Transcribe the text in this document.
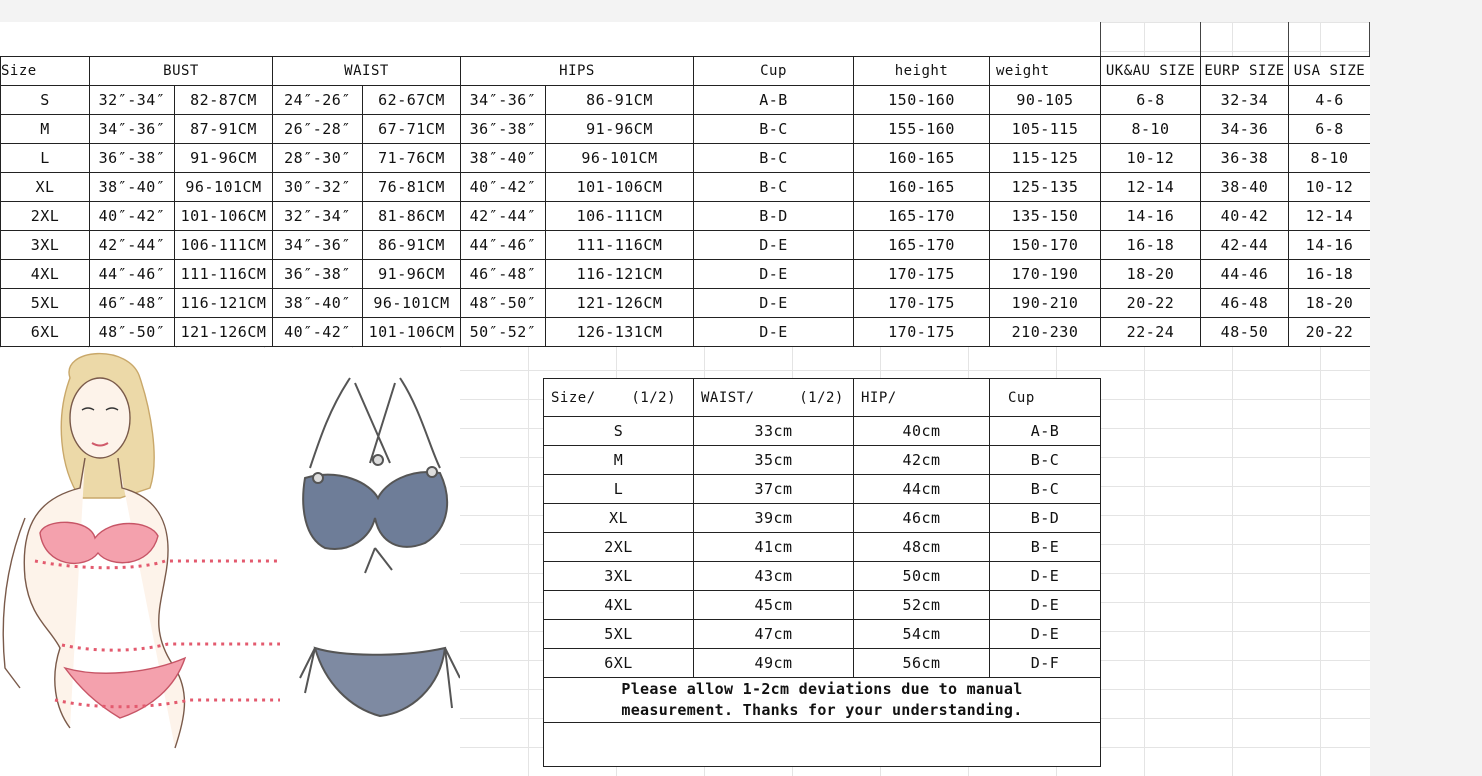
Size	BUST		WAIST		HIPS		Cup	height	weight	UK&AU SIZE	EURP SIZE	USA SIZE
S	32″-34″	82-87CM	24″-26″	62-67CM	34″-36″	86-91CM	A-B	150-160	90-105	6-8	32-34	4-6
M	34″-36″	87-91CM	26″-28″	67-71CM	36″-38″	91-96CM	B-C	155-160	105-115	8-10	34-36	6-8
L	36″-38″	91-96CM	28″-30″	71-76CM	38″-40″	96-101CM	B-C	160-165	115-125	10-12	36-38	8-10
XL	38″-40″	96-101CM	30″-32″	76-81CM	40″-42″	101-106CM	B-C	160-165	125-135	12-14	38-40	10-12
2XL	40″-42″	101-106CM	32″-34″	81-86CM	42″-44″	106-111CM	B-D	165-170	135-150	14-16	40-42	12-14
3XL	42″-44″	106-111CM	34″-36″	86-91CM	44″-46″	111-116CM	D-E	165-170	150-170	16-18	42-44	14-16
4XL	44″-46″	111-116CM	36″-38″	91-96CM	46″-48″	116-121CM	D-E	170-175	170-190	18-20	44-46	16-18
5XL	46″-48″	116-121CM	38″-40″	96-101CM	48″-50″	121-126CM	D-E	170-175	190-210	20-22	46-48	18-20
6XL	48″-50″	121-126CM	40″-42″	101-106CM	50″-52″	126-131CM	D-E	170-175	210-230	22-24	48-50	20-22
Size/    (1/2)	WAIST/     (1/2)	HIP/	Cup
S	33cm	40cm	A-B
M	35cm	42cm	B-C
L	37cm	44cm	B-C
XL	39cm	46cm	B-D
2XL	41cm	48cm	B-E
3XL	43cm	50cm	D-E
4XL	45cm	52cm	D-E
5XL	47cm	54cm	D-E
6XL	49cm	56cm	D-F
Please allow 1-2cm deviations due to manual measurement. Thanks for your understanding.			
